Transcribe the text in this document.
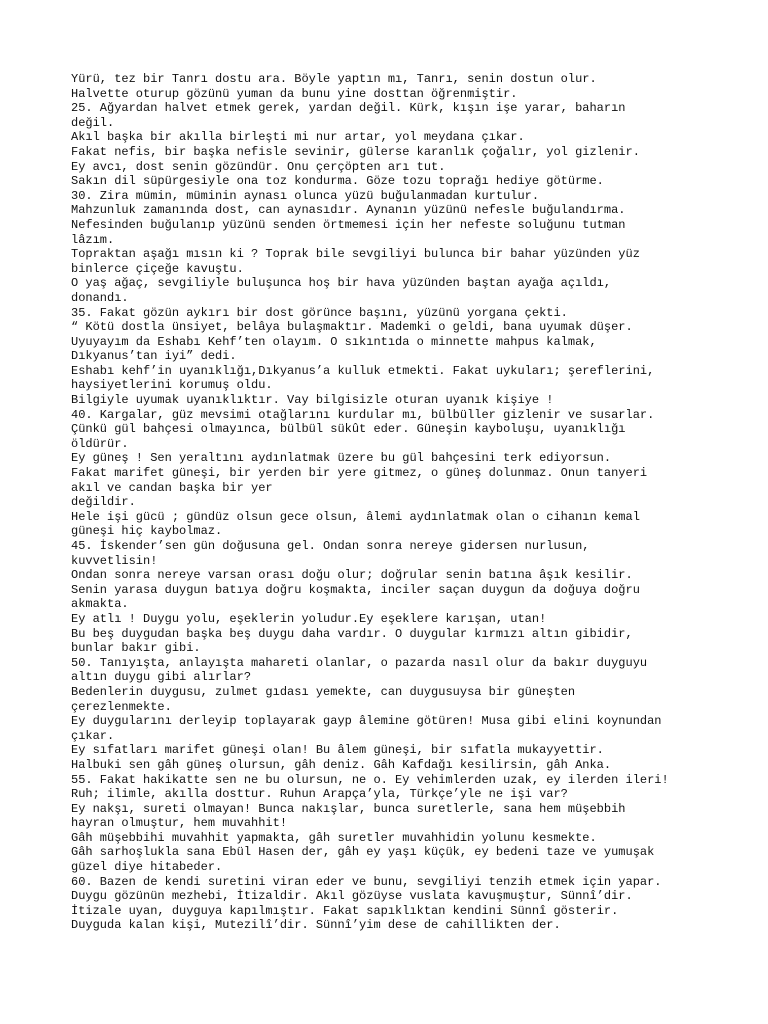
Yürü, tez bir Tanrı dostu ara. Böyle yaptın mı, Tanrı, senin dostun olur.

Halvette oturup gözünü yuman da bunu yine dosttan öğrenmiştir.

25. Ağyardan halvet etmek gerek, yardan değil. Kürk, kışın işe yarar, baharın

değil.

Akıl başka bir akılla birleşti mi nur artar, yol meydana çıkar.

Fakat nefis, bir başka nefisle sevinir, gülerse karanlık çoğalır, yol gizlenir.

Ey avcı, dost senin gözündür. Onu çerçöpten arı tut.

Sakın dil süpürgesiyle ona toz kondurma. Göze tozu toprağı hediye götürme.

30. Zira mümin, müminin aynası olunca yüzü buğulanmadan kurtulur.

Mahzunluk zamanında dost, can aynasıdır. Aynanın yüzünü nefesle buğulandırma.

Nefesinden buğulanıp yüzünü senden örtmemesi için her nefeste soluğunu tutman

lâzım.

Topraktan aşağı mısın ki ? Toprak bile sevgiliyi bulunca bir bahar yüzünden yüz

binlerce çiçeğe kavuştu.

O yaş ağaç, sevgiliyle buluşunca hoş bir hava yüzünden baştan ayağa açıldı,

donandı.

35. Fakat gözün aykırı bir dost görünce başını, yüzünü yorgana çekti.

“ Kötü dostla ünsiyet, belâya bulaşmaktır. Mademki o geldi, bana uyumak düşer.

Uyuyayım da Eshabı Kehf’ten olayım. O sıkıntıda o minnette mahpus kalmak,

Dıkyanus’tan iyi” dedi.

Eshabı kehf’in uyanıklığı,Dıkyanus’a kulluk etmekti. Fakat uykuları; şereflerini,

haysiyetlerini korumuş oldu.

Bilgiyle uyumak uyanıklıktır. Vay bilgisizle oturan uyanık kişiye !

40. Kargalar, güz mevsimi otağlarını kurdular mı, bülbüller gizlenir ve susarlar.

Çünkü gül bahçesi olmayınca, bülbül sükût eder. Güneşin kayboluşu, uyanıklığı

öldürür.

Ey güneş ! Sen yeraltını aydınlatmak üzere bu gül bahçesini terk ediyorsun.

Fakat marifet güneşi, bir yerden bir yere gitmez, o güneş dolunmaz. Onun tanyeri

akıl ve candan başka bir yer

değildir.

Hele işi gücü ; gündüz olsun gece olsun, âlemi aydınlatmak olan o cihanın kemal

güneşi hiç kaybolmaz.

45. İskender’sen gün doğusuna gel. Ondan sonra nereye gidersen nurlusun,

kuvvetlisin!

Ondan sonra nereye varsan orası doğu olur; doğrular senin batına âşık kesilir.

Senin yarasa duygun batıya doğru koşmakta, inciler saçan duygun da doğuya doğru

akmakta.

Ey atlı ! Duygu yolu, eşeklerin yoludur.Ey eşeklere karışan, utan!

Bu beş duygudan başka beş duygu daha vardır. O duygular kırmızı altın gibidir,

bunlar bakır gibi.

50. Tanıyışta, anlayışta mahareti olanlar, o pazarda nasıl olur da bakır duyguyu

altın duygu gibi alırlar?

Bedenlerin duygusu, zulmet gıdası yemekte, can duygusuysa bir güneşten

çerezlenmekte.

Ey duygularını derleyip toplayarak gayp âlemine götüren! Musa gibi elini koynundan

çıkar.

Ey sıfatları marifet güneşi olan! Bu âlem güneşi, bir sıfatla mukayyettir.

Halbuki sen gâh güneş olursun, gâh deniz. Gâh Kafdağı kesilirsin, gâh Anka.

55. Fakat hakikatte sen ne bu olursun, ne o. Ey vehimlerden uzak, ey ilerden ileri!

Ruh; ilimle, akılla dosttur. Ruhun Arapça’yla, Türkçe’yle ne işi var?

Ey nakşı, sureti olmayan! Bunca nakışlar, bunca suretlerle, sana hem müşebbih

hayran olmuştur, hem muvahhit!

Gâh müşebbihi muvahhit yapmakta, gâh suretler muvahhidin yolunu kesmekte.

Gâh sarhoşlukla sana Ebül Hasen der, gâh ey yaşı küçük, ey bedeni taze ve yumuşak

güzel diye hitabeder.

60. Bazen de kendi suretini viran eder ve bunu, sevgiliyi tenzih etmek için yapar.

Duygu gözünün mezhebi, İtizaldir. Akıl gözüyse vuslata kavuşmuştur, Sünnî’dir.

İtizale uyan, duyguya kapılmıştır. Fakat sapıklıktan kendini Sünnî gösterir.

Duyguda kalan kişi, Mutezilî’dir. Sünnî’yim dese de cahillikten der.
